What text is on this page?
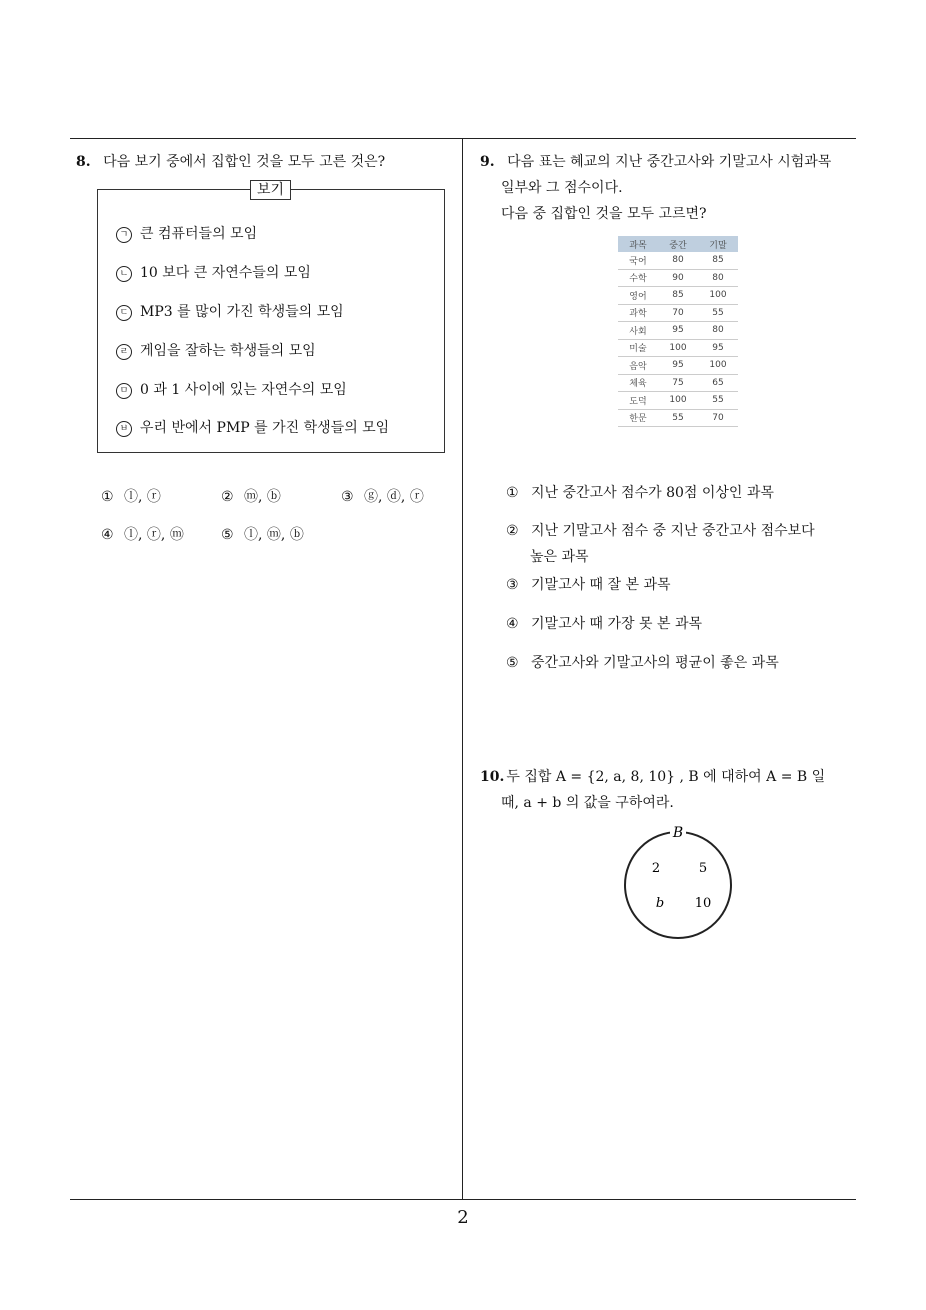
8. 다음 보기 중에서 집합인 것을 모두 고른 것은?
보기
ㄱ 큰 컴퓨터들의 모임
ㄴ 10 보다 큰 자연수들의 모임
ㄷ MP3 를 많이 가진 학생들의 모임
ㄹ 게임을 잘하는 학생들의 모임
ㅁ 0 과 1 사이에 있는 자연수의 모임
ㅂ 우리 반에서 PMP 를 가진 학생들의 모임
① ⓛ, ⓡ	② ⓜ, ⓑ	③ ⓖ, ⓓ, ⓡ
④ ⓛ, ⓡ, ⓜ	⑤ ⓛ, ⓜ, ⓑ
9. 다음 표는 혜교의 지난 중간고사와 기말고사 시험과목
일부와 그 점수이다.
다음 중 집합인 것을 모두 고르면?
과목	중간	기말
국어	80	85
수학	90	80
영어	85	100
과학	70	55
사회	95	80
미술	100	95
음악	95	100
체육	75	65
도덕	100	55
한문	55	70
① 지난 중간고사 점수가 80점 이상인 과목
② 지난 기말고사 점수 중 지난 중간고사 점수보다
높은 과목
③ 기말고사 때 잘 본 과목
④ 기말고사 때 가장 못 본 과목
⑤ 중간고사와 기말고사의 평균이 좋은 과목
10. 두 집합 A = {2, a, 8, 10} , B 에 대하여 A = B 일
때, a + b 의 값을 구하여라.
B
2	5
b 10
2
